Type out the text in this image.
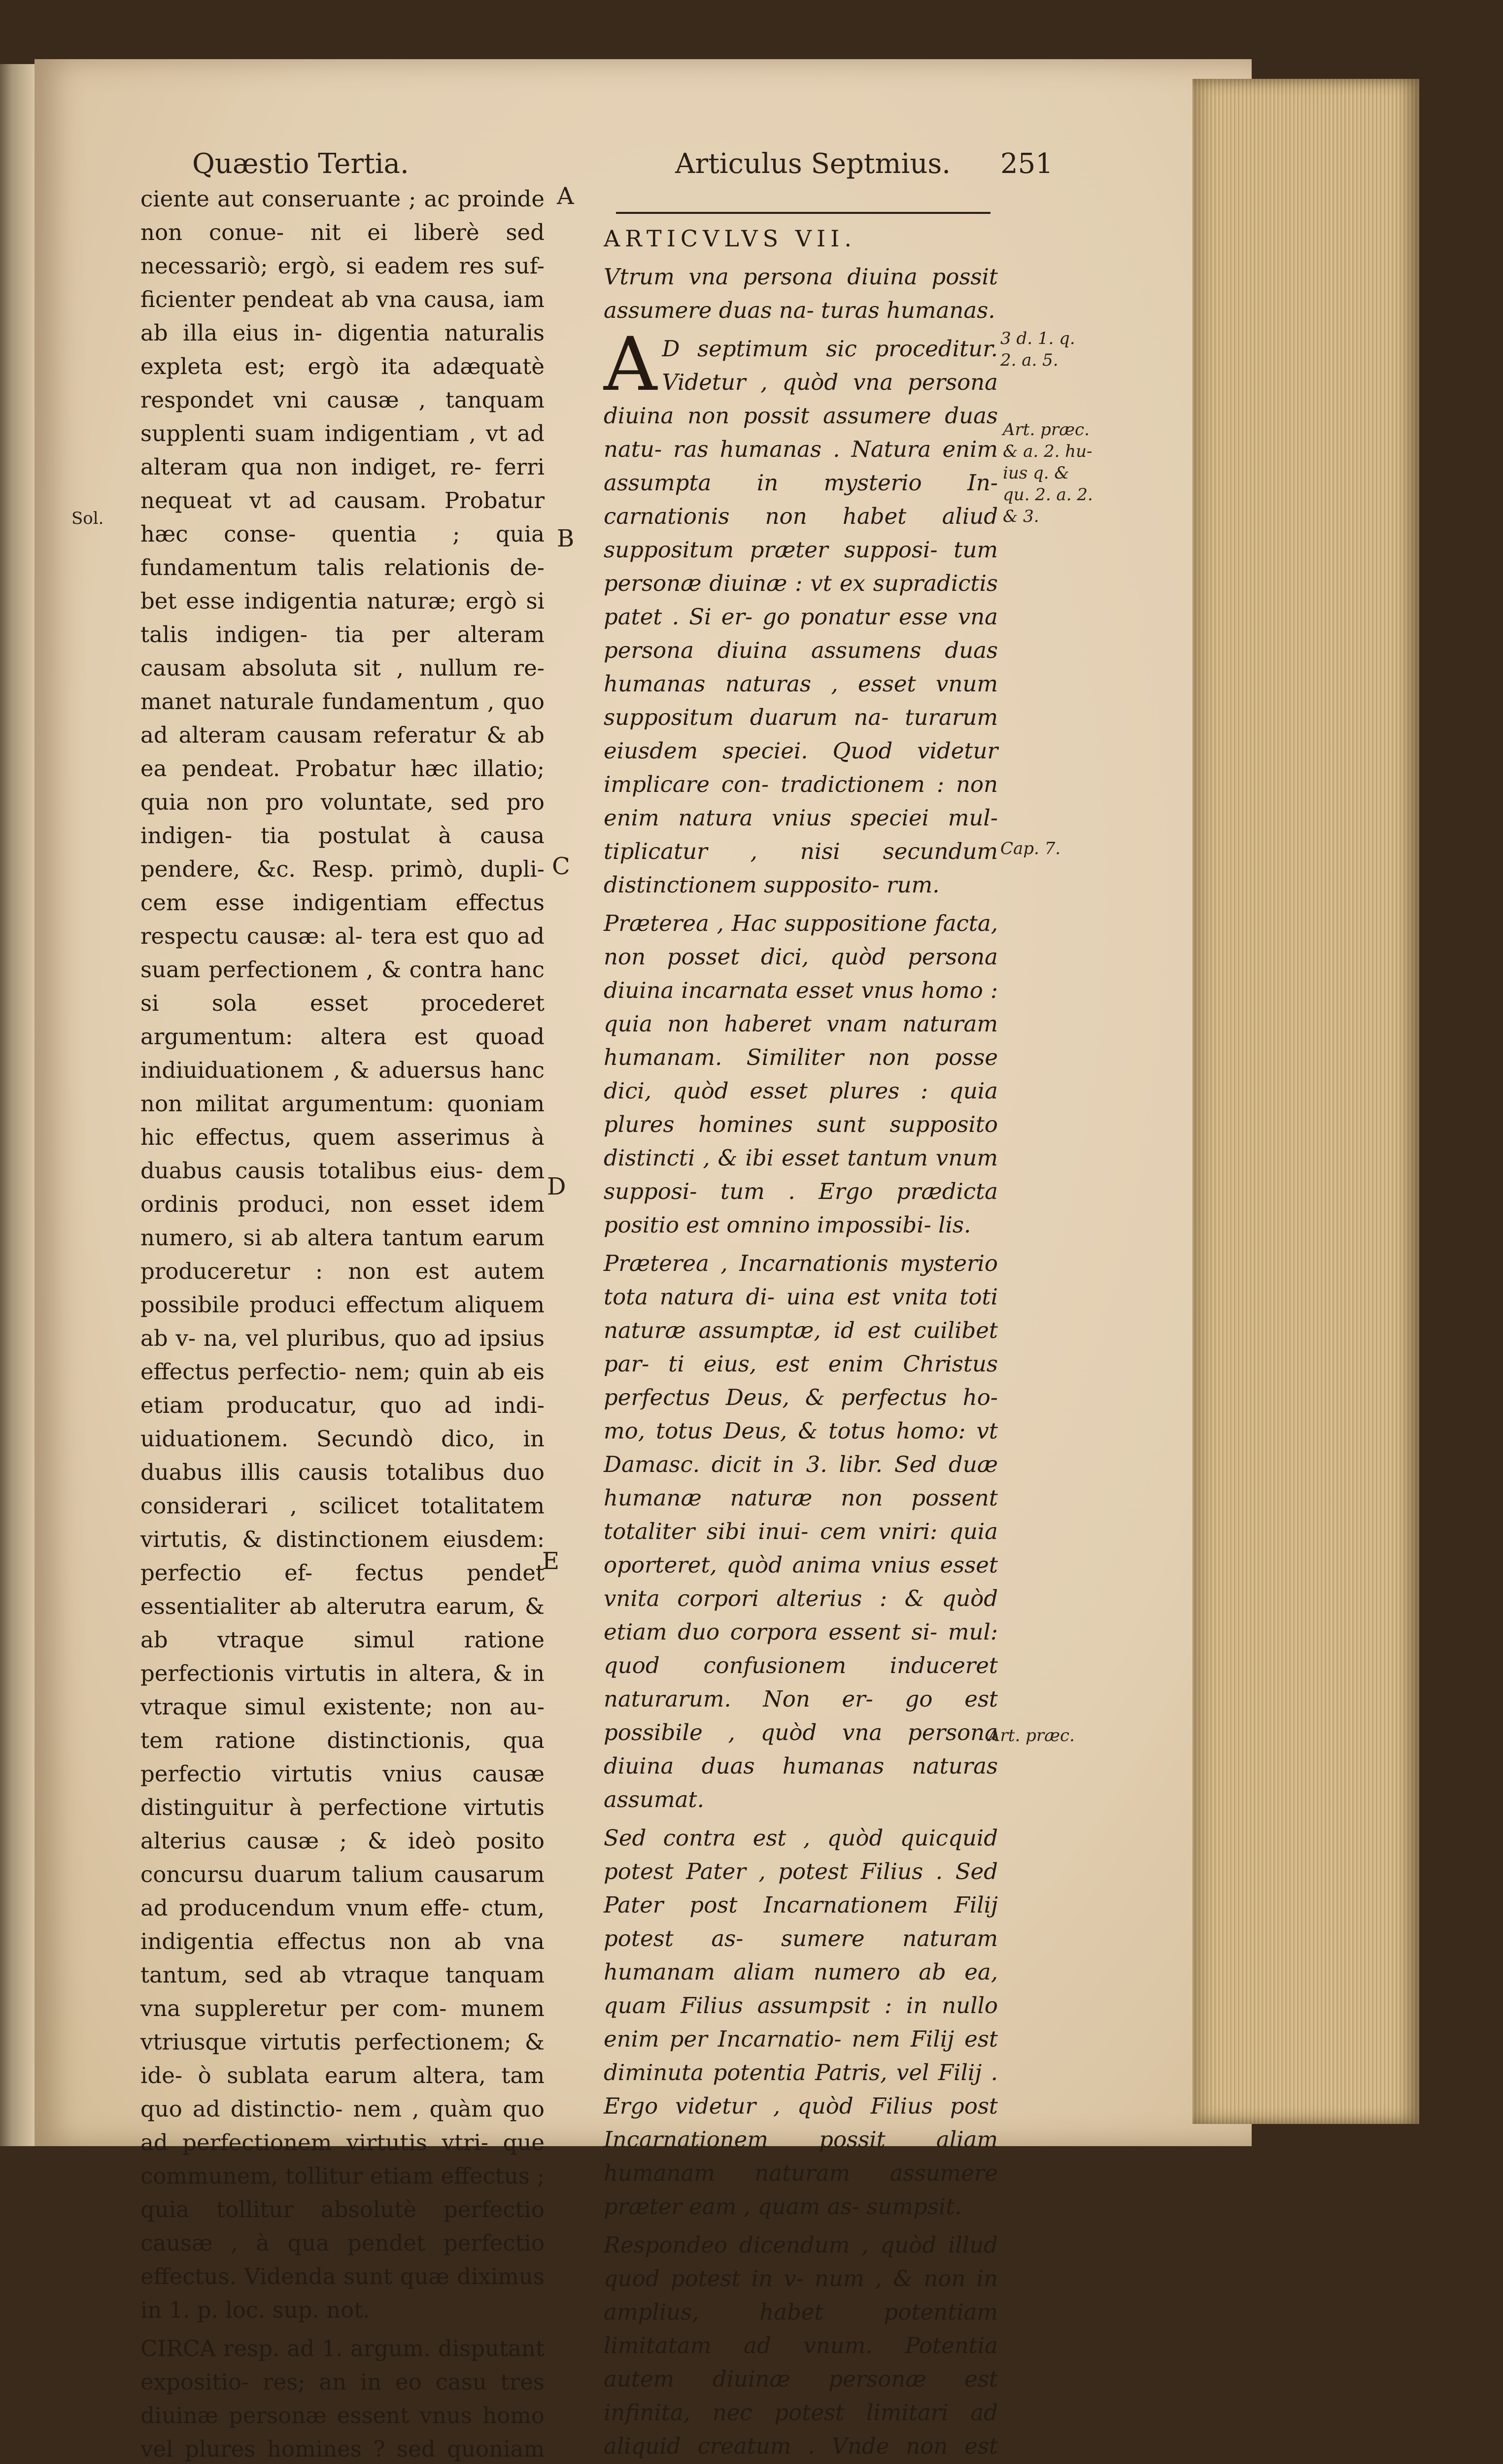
Quæstio Tertia.	Articulus Septmius. 251

ciente aut conseruante ; ac proinde non conue- nit ei liberè sed necessariò; ergò, si eadem res suf- ficienter pendeat ab vna causa, iam ab illa eius in- digentia naturalis expleta est; ergò ita adæquatè respondet vni causæ , tanquam supplenti suam indigentiam , vt ad alteram qua non indiget, re- ferri nequeat vt ad causam. Probatur hæc conse- quentia ; quia fundamentum talis relationis de- bet esse indigentia naturæ; ergò si talis indigen- tia per alteram causam absoluta sit , nullum re- manet naturale fundamentum , quo ad alteram causam referatur & ab ea pendeat. Probatur hæc illatio; quia non pro voluntate, sed pro indigen- tia postulat à causa pendere, &c. Resp. primò, dupli- cem esse indigentiam effectus respectu causæ: al- tera est quo ad suam perfectionem , & contra hanc si sola esset procederet argumentum: altera est quoad indiuiduationem , & aduersus hanc non militat argumentum: quoniam hic effectus, quem asserimus à duabus causis totalibus eius- dem ordinis produci, non esset idem numero, si ab altera tantum earum produceretur : non est autem possibile produci effectum aliquem ab v- na, vel pluribus, quo ad ipsius effectus perfectio- nem; quin ab eis etiam producatur, quo ad indi- uiduationem. Secundò dico, in duabus illis causis totalibus duo considerari , scilicet totalitatem virtutis, & distinctionem eiusdem: perfectio ef- fectus pendet essentialiter ab alterutra earum, & ab vtraque simul ratione perfectionis virtutis in altera, & in vtraque simul existente; non au- tem ratione distinctionis, qua perfectio virtutis vnius causæ distinguitur à perfectione virtutis alterius causæ ; & ideò posito concursu duarum talium causarum ad producendum vnum effe- ctum, indigentia effectus non ab vna tantum, sed ab vtraque tanquam vna suppleretur per com- munem vtriusque virtutis perfectionem; & ide- ò sublata earum altera, tam quo ad distinctio- nem , quàm quo ad perfectionem virtutis vtri- que communem, tollitur etiam effectus ; quia tollitur absolutè perfectio causæ , à qua pendet perfectio effectus. Videnda sunt quæ diximus in 1. p. loc. sup. not.

CIRCA resp. ad 1. argum. disputant expositio- res; an in eo casu tres diuinæ personæ essent vnus homo vel plures homines ? sed quoniam

ARTICVLVS VII.

Vtrum vna persona diuina possit assumere duas na- turas humanas.

A D septimum sic proceditur. Videtur , quòd vna persona diuina non possit assumere duas natu- ras humanas . Natura enim assumpta in mysterio In- carnationis non habet aliud suppositum præter supposi- tum personæ diuinæ : vt ex supradictis patet . Si er- go ponatur esse vna persona diuina assumens duas humanas naturas , esset vnum suppositum duarum na- turarum eiusdem speciei. Quod videtur implicare con- tradictionem : non enim natura vnius speciei mul- tiplicatur , nisi secundum distinctionem supposito- rum.

Præterea , Hac suppositione facta, non posset dici, quòd persona diuina incarnata esset vnus homo : quia non haberet vnam naturam humanam. Similiter non posse dici, quòd esset plures : quia plures homines sunt supposito distincti , & ibi esset tantum vnum supposi- tum . Ergo prædicta positio est omnino impossibi- lis.

Præterea , Incarnationis mysterio tota natura di- uina est vnita toti naturæ assumptæ, id est cuilibet par- ti eius, est enim Christus perfectus Deus, & perfectus ho- mo, totus Deus, & totus homo: vt Damasc. dicit in 3. libr. Sed duæ humanæ naturæ non possent totaliter sibi inui- cem vniri: quia oporteret, quòd anima vnius esset vnita corpori alterius : & quòd etiam duo corpora essent si- mul: quod confusionem induceret naturarum. Non er- go est possibile , quòd vna persona diuina duas humanas naturas assumat.

Sed contra est , quòd quicquid potest Pater , potest Filius . Sed Pater post Incarnationem Filij potest as- sumere naturam humanam aliam numero ab ea, quam Filius assumpsit : in nullo enim per Incarnatio- nem Filij est diminuta potentia Patris, vel Filij . Ergo videtur , quòd Filius post Incarnationem possit aliam humanam naturam assumere præter eam , quam as- sumpsit.

Respondeo dicendum , quòd illud quod potest in v- num , & non in amplius, habet potentiam limitatam ad vnum. Potentia autem diuinæ personæ est infinita, nec potest limitari ad aliquid creatum . Vnde non est

A
B
C
D
E
Sol.
3 d. 1. q. 2. a. 5.
Art. præc. & a. 2. hu- ius q. & qu. 2. a. 2. & 3.
Cap. 7.
Art. præc.
